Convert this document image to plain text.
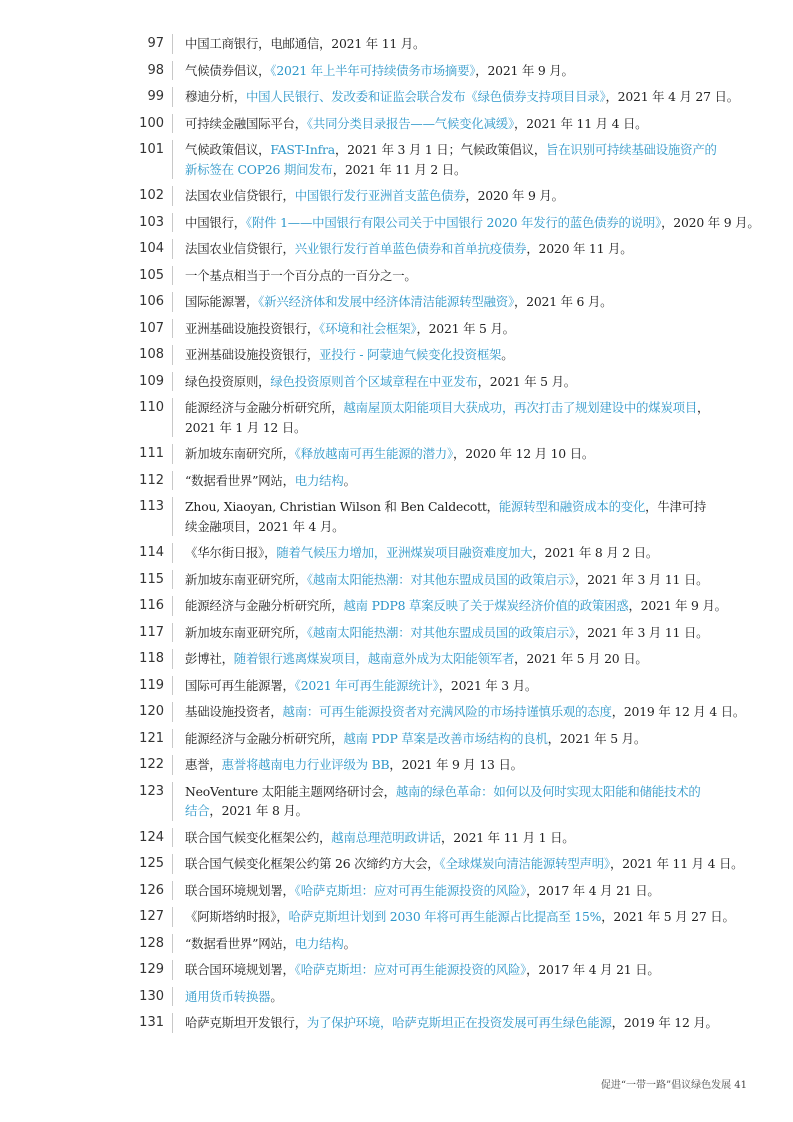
97	中国工商银行，电邮通信，2021 年 11 月。
98	气候债券倡议，《2021 年上半年可持续债务市场摘要》，2021 年 9 月。
99	穆迪分析，中国人民银行、发改委和证监会联合发布《绿色债券支持项目目录》，2021 年 4 月 27 日。
100	可持续金融国际平台，《共同分类目录报告——气候变化减缓》，2021 年 11 月 4 日。
101	气候政策倡议，FAST-Infra，2021 年 3 月 1 日；气候政策倡议，旨在识别可持续基础设施资产的
新标签在 COP26 期间发布，2021 年 11 月 2 日。
102	法国农业信贷银行，中国银行发行亚洲首支蓝色债券，2020 年 9 月。
103	中国银行，《附件 1——中国银行有限公司关于中国银行 2020 年发行的蓝色债券的说明》，2020 年 9 月。
104	法国农业信贷银行，兴业银行发行首单蓝色债券和首单抗疫债券，2020 年 11 月。
105	一个基点相当于一个百分点的一百分之一。
106	国际能源署，《新兴经济体和发展中经济体清洁能源转型融资》，2021 年 6 月。
107	亚洲基础设施投资银行，《环境和社会框架》，2021 年 5 月。
108	亚洲基础设施投资银行，亚投行 - 阿蒙迪气候变化投资框架。
109	绿色投资原则，绿色投资原则首个区域章程在中亚发布，2021 年 5 月。
110	能源经济与金融分析研究所，越南屋顶太阳能项目大获成功，再次打击了规划建设中的煤炭项目，
2021 年 1 月 12 日。
111	新加坡东南研究所，《释放越南可再生能源的潜力》，2020 年 12 月 10 日。
112	“数据看世界”网站，电力结构。
113	Zhou, Xiaoyan, Christian Wilson 和 Ben Caldecott，能源转型和融资成本的变化，牛津可持
续金融项目，2021 年 4 月。
114	《华尔街日报》，随着气候压力增加，亚洲煤炭项目融资难度加大，2021 年 8 月 2 日。
115	新加坡东南亚研究所，《越南太阳能热潮：对其他东盟成员国的政策启示》，2021 年 3 月 11 日。
116	能源经济与金融分析研究所，越南 PDP8 草案反映了关于煤炭经济价值的政策困惑，2021 年 9 月。
117	新加坡东南亚研究所，《越南太阳能热潮：对其他东盟成员国的政策启示》，2021 年 3 月 11 日。
118	彭博社，随着银行逃离煤炭项目，越南意外成为太阳能领军者，2021 年 5 月 20 日。
119	国际可再生能源署，《2021 年可再生能源统计》，2021 年 3 月。
120	基础设施投资者，越南：可再生能源投资者对充满风险的市场持谨慎乐观的态度，2019 年 12 月 4 日。
121	能源经济与金融分析研究所，越南 PDP 草案是改善市场结构的良机，2021 年 5 月。
122	惠誉，惠誉将越南电力行业评级为 BB，2021 年 9 月 13 日。
123	NeoVenture 太阳能主题网络研讨会，越南的绿色革命：如何以及何时实现太阳能和储能技术的
结合，2021 年 8 月。
124	联合国气候变化框架公约，越南总理范明政讲话，2021 年 11 月 1 日。
125	联合国气候变化框架公约第 26 次缔约方大会，《全球煤炭向清洁能源转型声明》，2021 年 11 月 4 日。
126	联合国环境规划署，《哈萨克斯坦：应对可再生能源投资的风险》，2017 年 4 月 21 日。
127	《阿斯塔纳时报》，哈萨克斯坦计划到 2030 年将可再生能源占比提高至 15%，2021 年 5 月 27 日。
128	“数据看世界”网站，电力结构。
129	联合国环境规划署，《哈萨克斯坦：应对可再生能源投资的风险》，2017 年 4 月 21 日。
130	通用货币转换器。
131	哈萨克斯坦开发银行，为了保护环境，哈萨克斯坦正在投资发展可再生绿色能源，2019 年 12 月。
促进“一带一路”倡议绿色发展 41
